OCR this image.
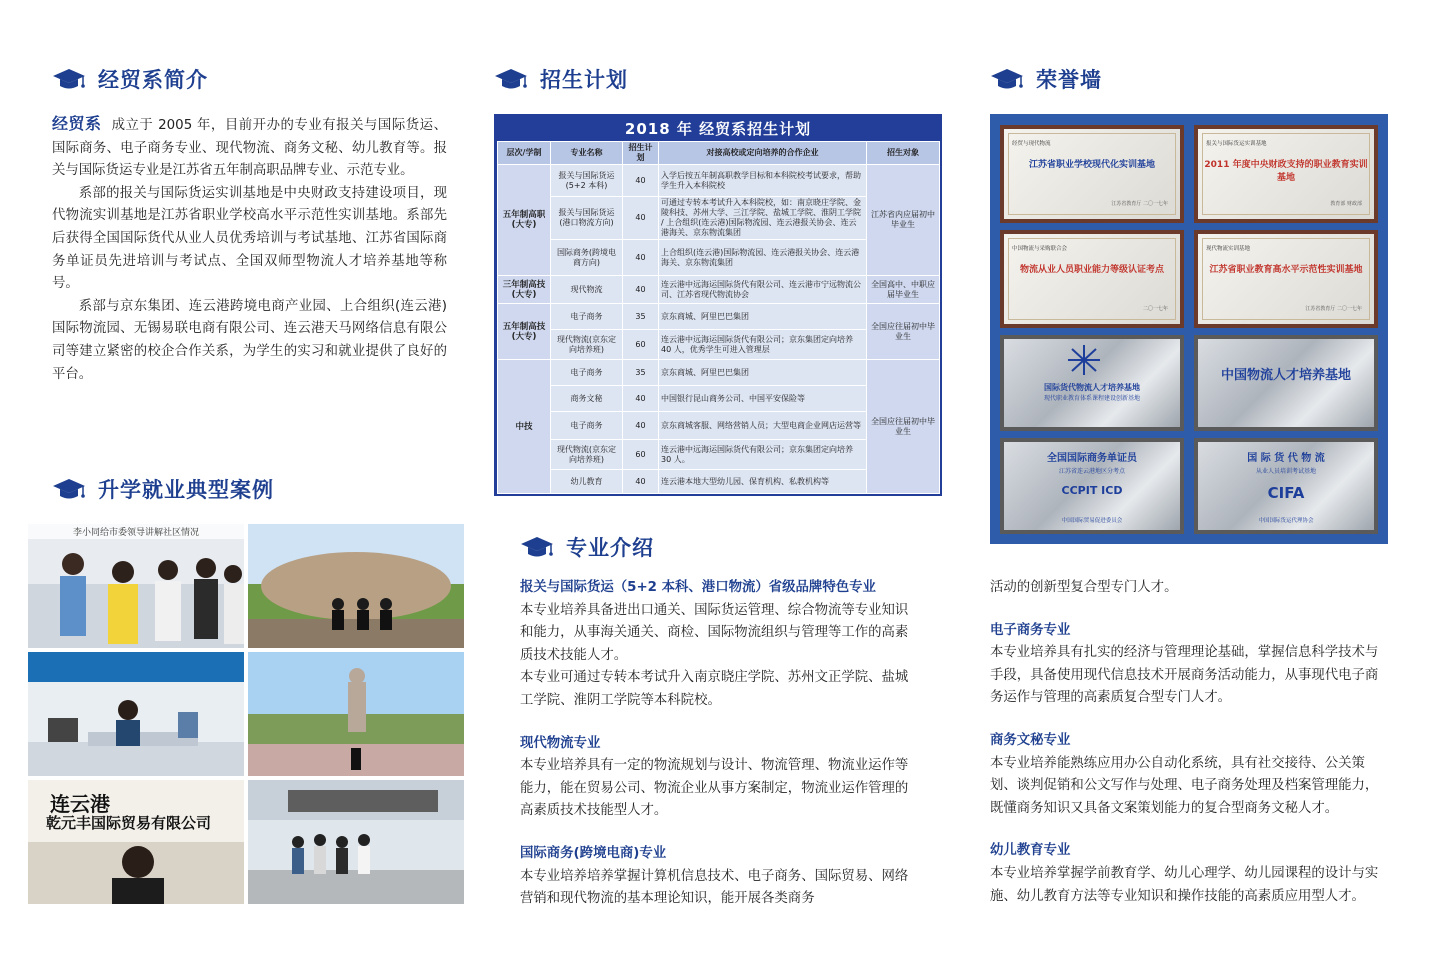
经贸系简介

经贸系 成立于 2005 年，目前开办的专业有报关与国际货运、国际商务、电子商务专业、现代物流、商务文秘、幼儿教育等。报关与国际货运专业是江苏省五年制高职品牌专业、示范专业。

系部的报关与国际货运实训基地是中央财政支持建设项目，现代物流实训基地是江苏省职业学校高水平示范性实训基地。系部先后获得全国国际货代从业人员优秀培训与考试基地、江苏省国际商务单证员先进培训与考试点、全国双师型物流人才培养基地等称号。

系部与京东集团、连云港跨境电商产业园、上合组织(连云港)国际物流园、无锡易联电商有限公司、连云港天马网络信息有限公司等建立紧密的校企合作关系，为学生的实习和就业提供了良好的平台。

升学就业典型案例
李小同给市委领导讲解社区情况
连云港
乾元丰国际贸易有限公司
招生计划
2018 年 经贸系招生计划
层次/学制	专业名称	招生计划	对接高校或定向培养的合作企业	招生对象
五年制高职(大专)	报关与国际货运(5+2 本科)	40	入学后按五年制高职教学目标和本科院校考试要求，帮助学生升入本科院校	江苏省内应届初中毕业生
	报关与国际货运(港口物流方向)	40	可通过专转本考试升入本科院校，如：南京晓庄学院、金陵科技、苏州大学、三江学院、盐城工学院、淮阴工学院 / 上合组织(连云港)国际物流园、连云港报关协会、连云港海关、京东物流集团	
	国际商务(跨境电商方向)	40	上合组织(连云港)国际物流园、连云港报关协会、连云港海关、京东物流集团	
三年制高技(大专)	现代物流	40	连云港中远海运国际货代有限公司、连云港市宁远物流公司、江苏省现代物流协会	全国高中、中职应届毕业生
五年制高技(大专)	电子商务	35	京东商城、阿里巴巴集团	全国应往届初中毕业生
	现代物流(京东定向培养班)	60	连云港中远海运国际货代有限公司；京东集团定向培养 40 人，优秀学生可进入管理层	
中技	电子商务	35	京东商城、阿里巴巴集团	全国应往届初中毕业生
	商务文秘	40	中国银行昆山商务公司、中国平安保险等	
	电子商务	40	京东商城客服、网络营销人员；大型电商企业网店运营等	
	现代物流(京东定向培养班)	60	连云港中远海运国际货代有限公司；京东集团定向培养 30 人。	
	幼儿教育	40	连云港本地大型幼儿园、保育机构、私教机构等	
专业介绍
报关与国际货运（5+2 本科、港口物流）省级品牌特色专业
本专业培养具备进出口通关、国际货运管理、综合物流等专业知识和能力，从事海关通关、商检、国际物流组织与管理等工作的高素质技术技能人才。
本专业可通过专转本考试升入南京晓庄学院、苏州文正学院、盐城工学院、淮阴工学院等本科院校。
现代物流专业
本专业培养具有一定的物流规划与设计、物流管理、物流业运作等能力，能在贸易公司、物流企业从事方案制定，物流业运作管理的高素质技术技能型人才。
国际商务(跨境电商)专业
本专业培养培养掌握计算机信息技术、电子商务、国际贸易、网络营销和现代物流的基本理论知识，能开展各类商务
荣誉墙
经贸与现代物流
江苏省职业学校现代化实训基地
江苏省教育厅 二〇一七年
报关与国际货运实训基地
2011 年度中央财政支持的职业教育实训基地
教育部 财政部
中国物流与采购联合会
物流从业人员职业能力等级认证考点
二〇一七年
现代物流实训基地
江苏省职业教育高水平示范性实训基地
江苏省教育厅 二〇一七年
国际货代物流人才培养基地
现代职业教育体系课程建设创新基地
中国物流人才培养基地
全国国际商务单证员
江苏省连云港地区分考点
CCPIT ICD
中国国际贸易促进委员会
国 际 货 代 物 流
从业人员培训考试基地
CIFA
中国国际货运代理协会
活动的创新型复合型专门人才。
电子商务专业
本专业培养具有扎实的经济与管理理论基础，掌握信息科学技术与手段，具备使用现代信息技术开展商务活动能力，从事现代电子商务运作与管理的高素质复合型专门人才。
商务文秘专业
本专业培养能熟练应用办公自动化系统，具有社交接待、公关策划、谈判促销和公文写作与处理、电子商务处理及档案管理能力，既懂商务知识又具备文案策划能力的复合型商务文秘人才。
幼儿教育专业
本专业培养掌握学前教育学、幼儿心理学、幼儿园课程的设计与实施、幼儿教育方法等专业知识和操作技能的高素质应用型人才。
